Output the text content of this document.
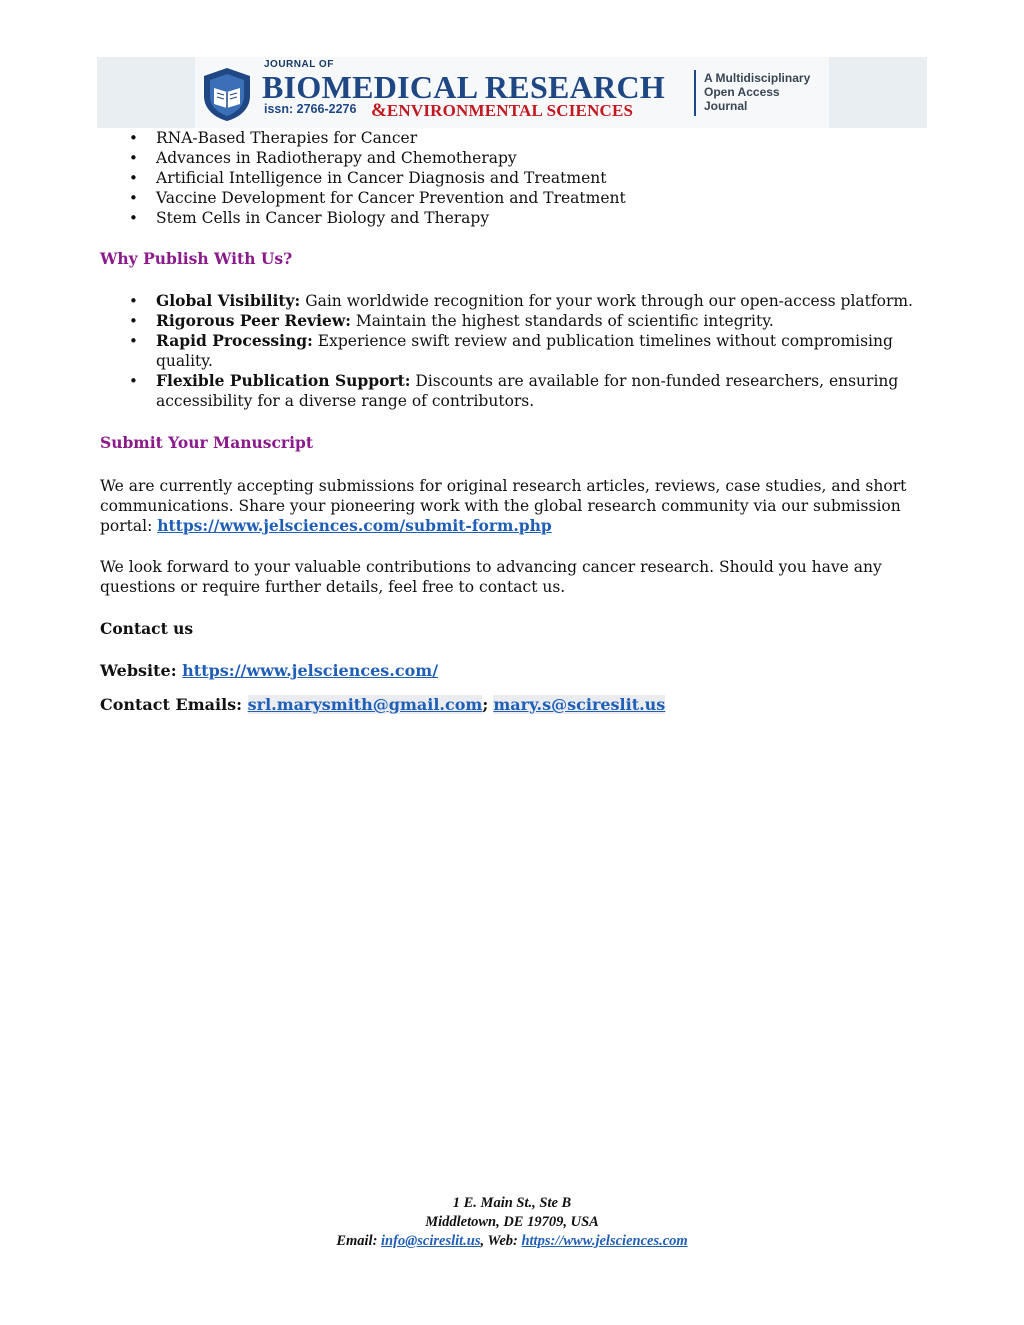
JOURNAL OF
BIOMEDICAL RESEARCH
issn: 2766-2276 &ENVIRONMENTAL SCIENCES
A Multidisciplinary
Open Access
Journal
• RNA-Based Therapies for Cancer
• Advances in Radiotherapy and Chemotherapy
• Artificial Intelligence in Cancer Diagnosis and Treatment
• Vaccine Development for Cancer Prevention and Treatment
• Stem Cells in Cancer Biology and Therapy

Why Publish With Us?

• Global Visibility: Gain worldwide recognition for your work through our open-access platform.
• Rigorous Peer Review: Maintain the highest standards of scientific integrity.
• Rapid Processing: Experience swift review and publication timelines without compromising quality.
• Flexible Publication Support: Discounts are available for non-funded researchers, ensuring accessibility for a diverse range of contributors.

Submit Your Manuscript

We are currently accepting submissions for original research articles, reviews, case studies, and short communications. Share your pioneering work with the global research community via our submission portal: https://www.jelsciences.com/submit-form.php

We look forward to your valuable contributions to advancing cancer research. Should you have any questions or require further details, feel free to contact us.

Contact us

Website: https://www.jelsciences.com/

Contact Emails: srl.marysmith@gmail.com; mary.s@scireslit.us

1 E. Main St., Ste B
Middletown, DE 19709, USA
Email: info@scireslit.us, Web: https://www.jelsciences.com
